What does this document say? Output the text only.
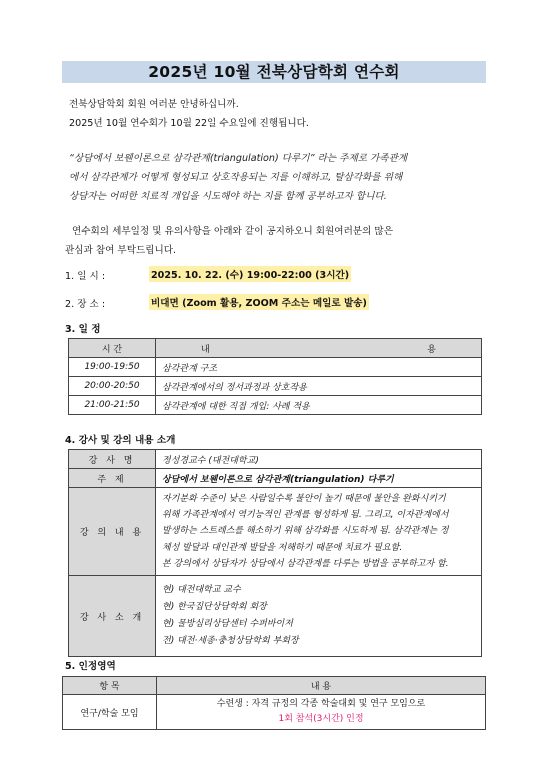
2025년 10월 전북상담학회 연수회
전북상담학회 회원 여러분 안녕하십니까.
2025년 10월 연수회가 10월 22일 수요일에 진행됩니다.
“상담에서 보웬이론으로 삼각관계(triangulation) 다루기” 라는 주제로 가족관계
에서 삼각관계가 어떻게 형성되고 상호작용되는 지를 이해하고, 탈삼각화를 위해
상담자는 어떠한 치료적 개입을 시도해야 하는 지를 함께 공부하고자 합니다.
연수회의 세부일정 및 유의사항을 아래와 같이 공지하오니 회원여러분의 많은
관심과 참여 부탁드립니다.
1. 일 시 :	2025. 10. 22. (수) 19:00-22:00 (3시간)
2. 장 소 :	비대면 (Zoom 활용, ZOOM 주소는 메일로 발송)
3. 일 정
시 간	내 용

19:00-19:50	삼각관계 구조
20:00-20:50	삼각관계에서의 정서과정과 상호작용
21:00-21:50	삼각관계에 대한 직접 개입: 사례 적용
4. 강사 및 강의 내용 소개
강 사 명	정성경교수 (대전대학교)
주 제	상담에서 보웬이론으로 삼각관계(triangulation) 다루기
강 의 내 용	자기분화 수준이 낮은 사람일수록 불안이 높기 때문에 불안을 완화시키기
위해 가족관계에서 역기능적인 관계를 형성하게 됨. 그리고, 이자관계에서
발생하는 스트레스를 해소하기 위해 삼각화를 시도하게 됨. 삼각관계는 정
체성 발달과 대인관계 발달을 저해하기 때문에 치료가 필요함.
본 강의에서 상담자가 상담에서 삼각관계를 다루는 방법을 공부하고자 함.

강 사 소 개	현) 대전대학교 교수
현) 한국집단상담학회 회장
현) 물방심리상담센터 수퍼바이저
전) 대전·세종·충청상담학회 부회장
5. 인정영역
항 목	내 용
연구/학술 모임	수련생 : 자격 규정의 각종 학술대회 및 연구 모임으로
1회 참석(3시간) 인정
